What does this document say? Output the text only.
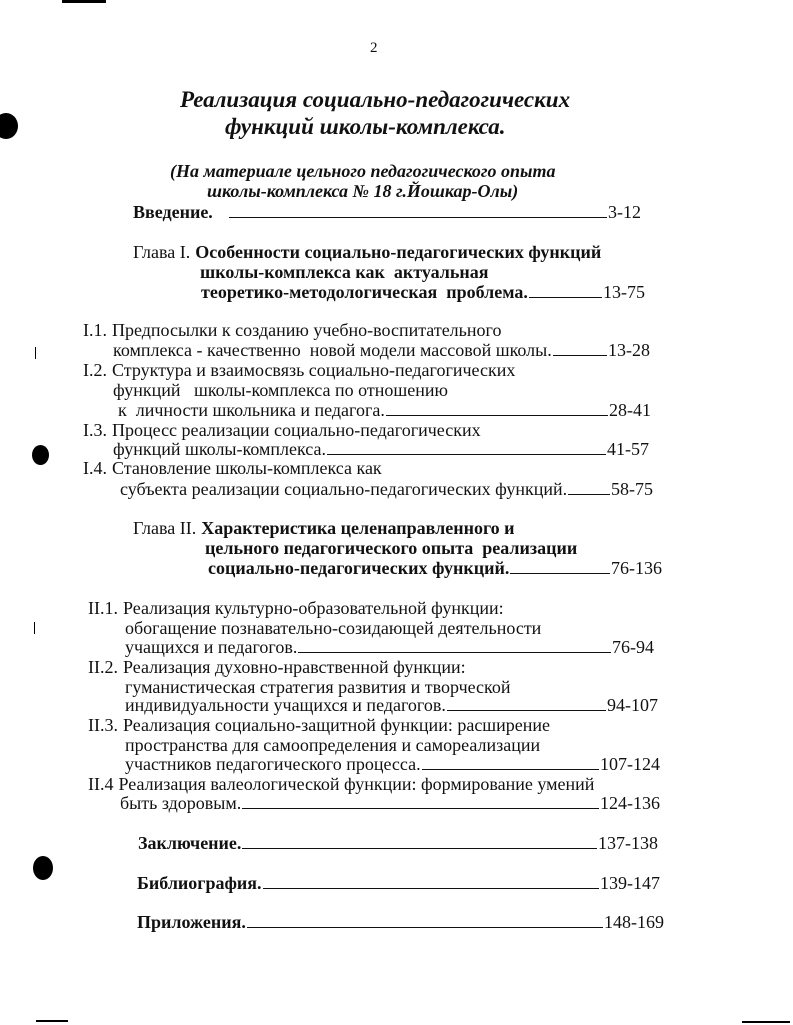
2
Реализация социально-педагогических
функций школы-комплекса.
(На материале цельного педагогического опыта
школы-комплекса № 18 г.Йошкар-Олы)
Введение.	3-12
Глава I. Особенности социально-педагогических функций
школы-комплекса как  актуальная
теоретико-методологическая  проблема.	13-75
I.1. Предпосылки к созданию учебно-воспитательного
комплекса - качественно  новой модели массовой школы.	13-28
I.2. Структура и взаимосвязь социально-педагогических
функций   школы-комплекса по отношению
к  личности школьника и педагога.	28-41
I.3. Процесс реализации социально-педагогических
функций школы-комплекса.	41-57
I.4. Становление школы-комплекса как
субъекта реализации социально-педагогических функций. 58-75
Глава II. Характеристика целенаправленного и
цельного педагогического опыта  реализации
социально-педагогических функций.	76-136
II.1. Реализация культурно-образовательной функции:
обогащение познавательно-созидающей деятельности
учащихся и педагогов.	76-94
II.2. Реализация духовно-нравственной функции:
гуманистическая стратегия развития и творческой
индивидуальности учащихся и педагогов.	94-107
II.3. Реализация социально-защитной функции: расширение
пространства для самоопределения и самореализации
участников педагогического процесса.	107-124
II.4 Реализация валеологической функции: формирование умений
быть здоровым.	124-136
Заключение.	137-138
Библиография.	139-147
Приложения.	148-169
